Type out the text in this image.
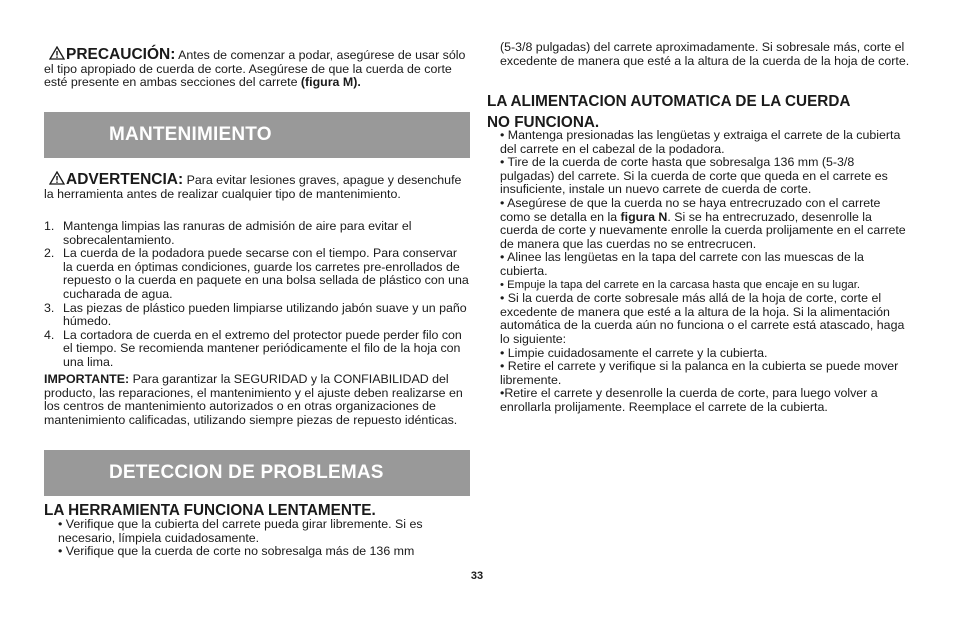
PRECAUCIÓN: Antes de comenzar a podar, asegúrese de usar sólo el tipo apropiado de cuerda de corte. Asegúrese de que la cuerda de corte esté presente en ambas secciones del carrete (figura M).

MANTENIMIENTO

ADVERTENCIA: Para evitar lesiones graves, apague y desenchufe la herramienta antes de realizar cualquier tipo de mantenimiento.

1. Mantenga limpias las ranuras de admisión de aire para evitar el sobrecalentamiento.
2. La cuerda de la podadora puede secarse con el tiempo. Para conservar la cuerda en óptimas condiciones, guarde los carretes pre-enrollados de repuesto o la cuerda en paquete en una bolsa sellada de plástico con una cucharada de agua.
3. Las piezas de plástico pueden limpiarse utilizando jabón suave y un paño húmedo.
4. La cortadora de cuerda en el extremo del protector puede perder filo con el tiempo. Se recomienda mantener periódicamente el filo de la hoja con una lima.

IMPORTANTE: Para garantizar la SEGURIDAD y la CONFIABILIDAD del producto, las reparaciones, el mantenimiento y el ajuste deben realizarse en los centros de mantenimiento autorizados o en otras organizaciones de mantenimiento calificadas, utilizando siempre piezas de repuesto idénticas.

DETECCION DE PROBLEMAS

LA HERRAMIENTA FUNCIONA LENTAMENTE.

• Verifique que la cubierta del carrete pueda girar libremente. Si es necesario, límpiela cuidadosamente.

• Verifique que la cuerda de corte no sobresalga más de 136 mm

(5-3/8 pulgadas) del carrete aproximadamente. Si sobresale más, corte el excedente de manera que esté a la altura de la cuerda de la hoja de corte.

LA ALIMENTACION AUTOMATICA DE LA CUERDA
NO FUNCIONA.

• Mantenga presionadas las lengüetas y extraiga el carrete de la cubierta del carrete en el cabezal de la podadora.

• Tire de la cuerda de corte hasta que sobresalga 136 mm (5-3/8 pulgadas) del carrete. Si la cuerda de corte que queda en el carrete es insuficiente, instale un nuevo carrete de cuerda de corte.

• Asegúrese de que la cuerda no se haya entrecruzado con el carrete como se detalla en la figura N. Si se ha entrecruzado, desenrolle la cuerda de corte y nuevamente enrolle la cuerda prolijamente en el carrete de manera que las cuerdas no se entrecrucen.

• Alinee las lengüetas en la tapa del carrete con las muescas de la cubierta.

• Empuje la tapa del carrete en la carcasa hasta que encaje en su lugar.

• Si la cuerda de corte sobresale más allá de la hoja de corte, corte el excedente de manera que esté a la altura de la hoja. Si la alimentación automática de la cuerda aún no funciona o el carrete está atascado, haga lo siguiente:

• Limpie cuidadosamente el carrete y la cubierta.

• Retire el carrete y verifique si la palanca en la cubierta se puede mover libremente.

•Retire el carrete y desenrolle la cuerda de corte, para luego volver a enrollarla prolijamente. Reemplace el carrete de la cubierta.

33
